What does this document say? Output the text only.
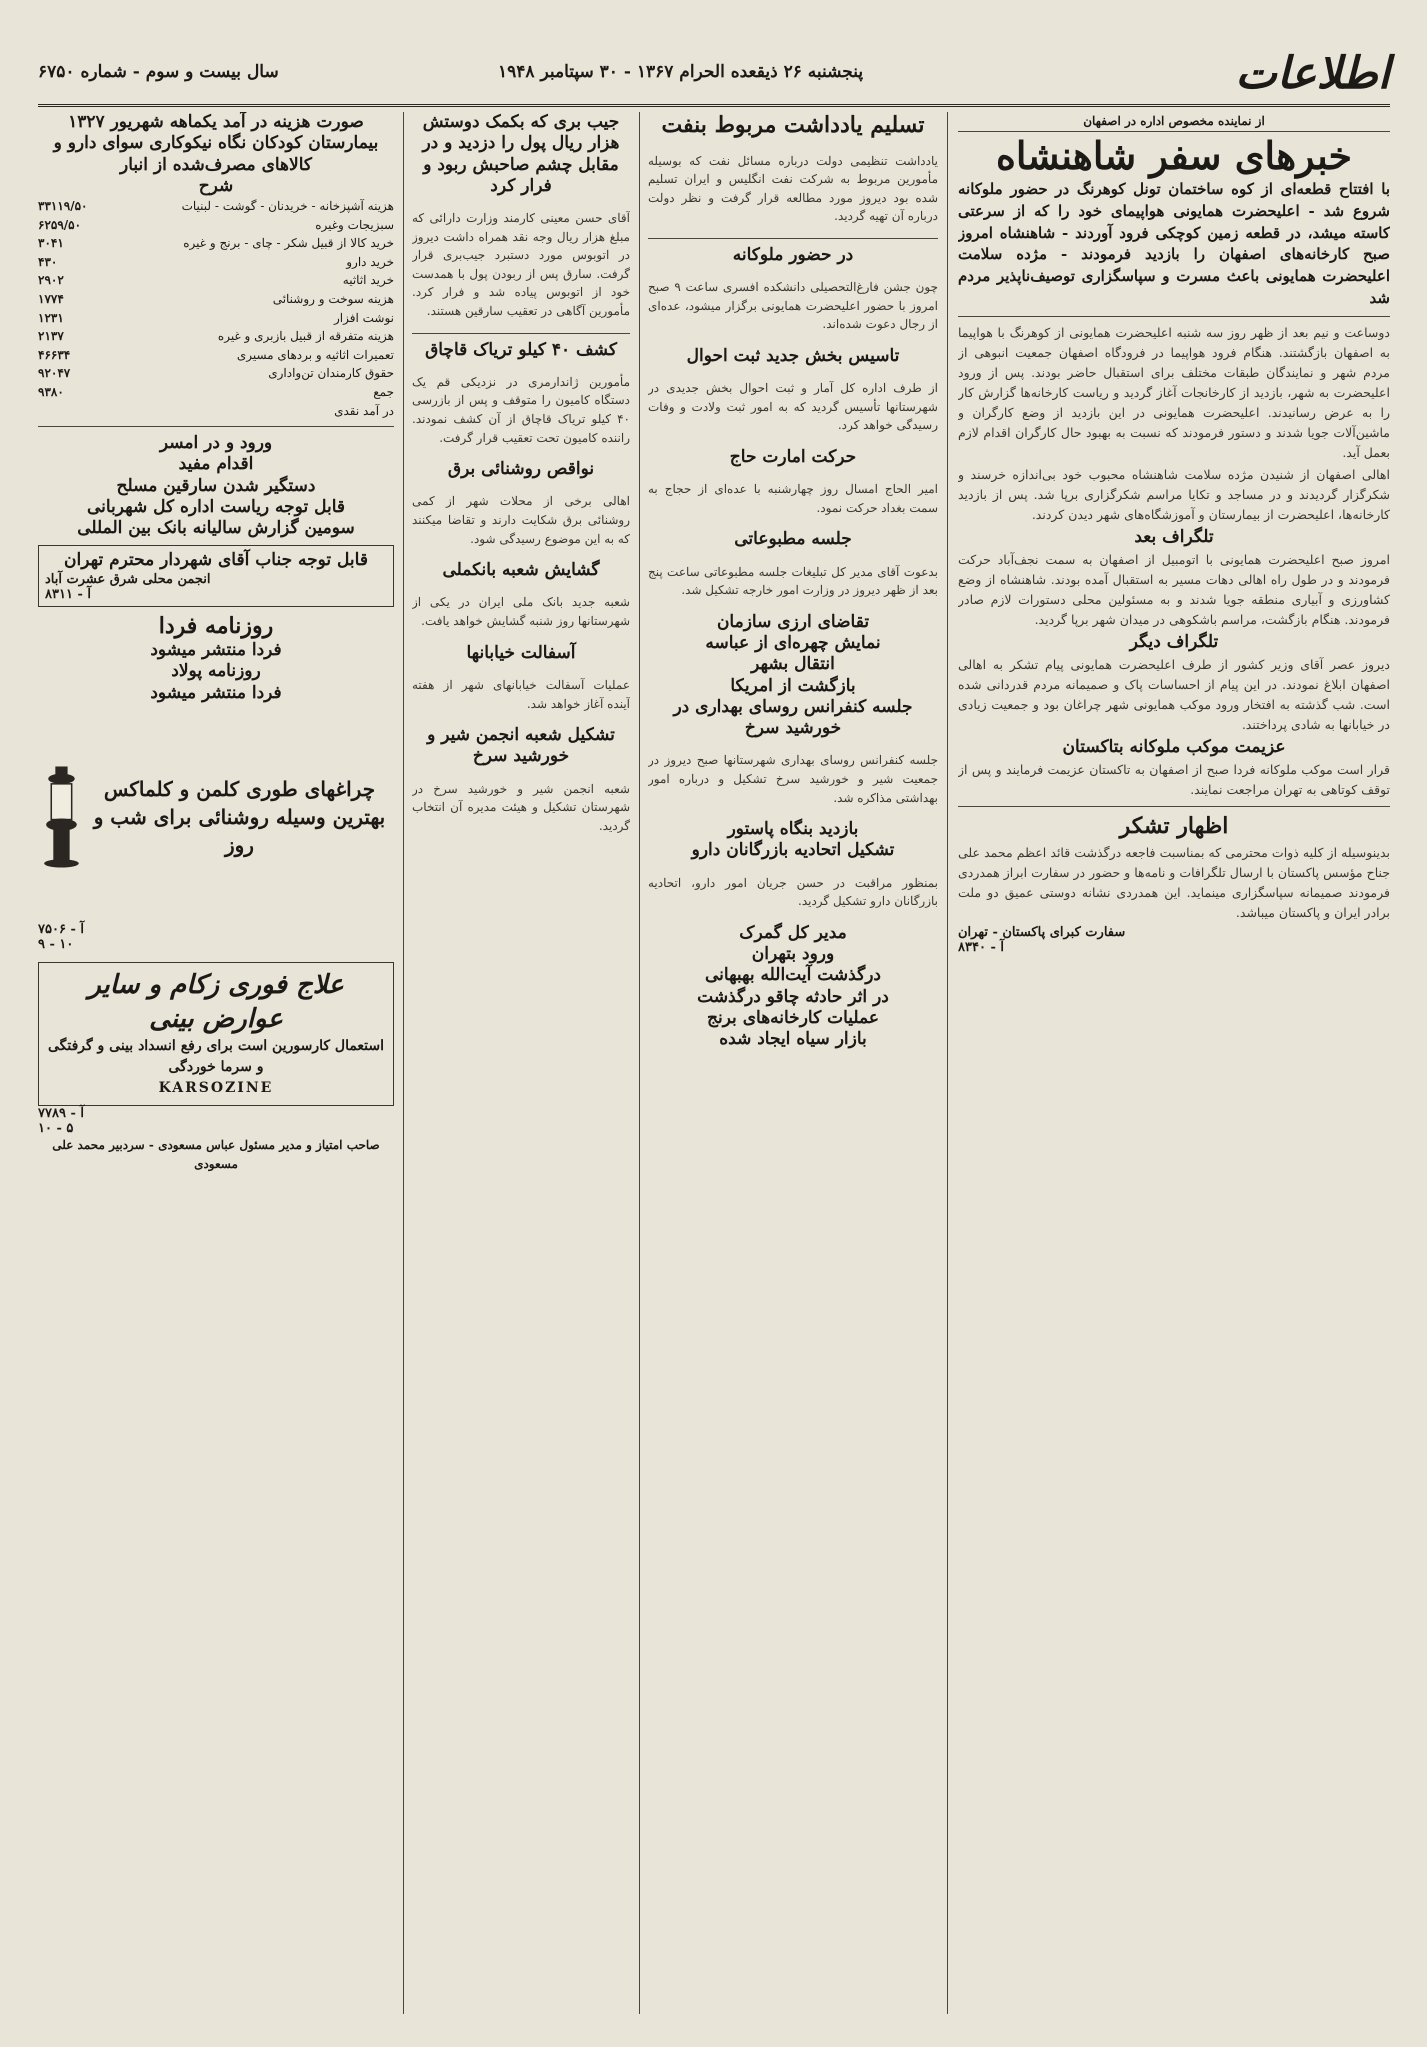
اطلاعات
پنجشنبه ۲۶ ذیقعده الحرام ۱۳۶۷ - ۳۰ سپتامبر ۱۹۴۸
سال بیست و سوم - شماره ۶۷۵۰
از نماینده مخصوص اداره در اصفهان
خبرهای سفر شاهنشاه
با افتتاح قطعه‌ای از کوه ساختمان تونل کوهرنگ در حضور ملوکانه شروع شد - اعلیحضرت همایونی هواپیمای خود را که از سرعتی کاسته میشد، در قطعه زمین کوچکی فرود آوردند - شاهنشاه امروز صبح کارخانه‌های اصفهان را بازدید فرمودند - مژده سلامت اعلیحضرت همایونی باعث مسرت و سپاسگزاری توصیف‌ناپذیر مردم شد

دوساعت و نیم بعد از ظهر روز سه شنبه اعلیحضرت همایونی از کوهرنگ با هواپیما به اصفهان بازگشتند. هنگام فرود هواپیما در فرودگاه اصفهان جمعیت انبوهی از مردم شهر و نمایندگان طبقات مختلف برای استقبال حاضر بودند. پس از ورود اعلیحضرت به شهر، بازدید از کارخانجات آغاز گردید و ریاست کارخانه‌ها گزارش کار را به عرض رسانیدند. اعلیحضرت همایونی در این بازدید از وضع کارگران و ماشین‌آلات جویا شدند و دستور فرمودند که نسبت به بهبود حال کارگران اقدام لازم بعمل آید.

اهالی اصفهان از شنیدن مژده سلامت شاهنشاه محبوب خود بی‌اندازه خرسند و شکرگزار گردیدند و در مساجد و تکایا مراسم شکرگزاری برپا شد. پس از بازدید کارخانه‌ها، اعلیحضرت از بیمارستان و آموزشگاه‌های شهر دیدن کردند.

تلگراف بعد

امروز صبح اعلیحضرت همایونی با اتومبیل از اصفهان به سمت نجف‌آباد حرکت فرمودند و در طول راه اهالی دهات مسیر به استقبال آمده بودند. شاهنشاه از وضع کشاورزی و آبیاری منطقه جویا شدند و به مسئولین محلی دستورات لازم صادر فرمودند. هنگام بازگشت، مراسم باشکوهی در میدان شهر برپا گردید.

تلگراف دیگر

دیروز عصر آقای وزیر کشور از طرف اعلیحضرت همایونی پیام تشکر به اهالی اصفهان ابلاغ نمودند. در این پیام از احساسات پاک و صمیمانه مردم قدردانی شده است. شب گذشته به افتخار ورود موکب همایونی شهر چراغان بود و جمعیت زیادی در خیابانها به شادی پرداختند.

عزیمت موکب ملوکانه بتاکستان

قرار است موکب ملوکانه فردا صبح از اصفهان به تاکستان عزیمت فرمایند و پس از توقف کوتاهی به تهران مراجعت نمایند.

اظهار تشکر

بدینوسیله از کلیه ذوات محترمی که بمناسبت فاجعه درگذشت قائد اعظم محمد علی جناح مؤسس پاکستان با ارسال تلگرافات و نامه‌ها و حضور در سفارت ابراز همدردی فرمودند صمیمانه سپاسگزاری مینماید. این همدردی نشانه دوستی عمیق دو ملت برادر ایران و پاکستان میباشد.

سفارت کبرای پاکستان - تهران
آ - ۸۳۴۰
تسلیم یادداشت مربوط بنفت

یادداشت تنظیمی دولت درباره مسائل نفت که بوسیله مأمورین مربوط به شرکت نفت انگلیس و ایران تسلیم شده بود دیروز مورد مطالعه قرار گرفت و نظر دولت درباره آن تهیه گردید.

در حضور ملوکانه

چون جشن فارغ‌التحصیلی دانشکده افسری ساعت ۹ صبح امروز با حضور اعلیحضرت همایونی برگزار میشود، عده‌ای از رجال دعوت شده‌اند.

تاسیس بخش جدید ثبت احوال

از طرف اداره کل آمار و ثبت احوال بخش جدیدی در شهرستانها تأسیس گردید که به امور ثبت ولادت و وفات رسیدگی خواهد کرد.

حرکت امارت حاج

امیر الحاج امسال روز چهارشنبه با عده‌ای از حجاج به سمت بغداد حرکت نمود.

جلسه مطبوعاتی

بدعوت آقای مدیر کل تبلیغات جلسه مطبوعاتی ساعت پنج بعد از ظهر دیروز در وزارت امور خارجه تشکیل شد.

تقاضای ارزی سازمان
نمایش چهره‌ای از عباسه
انتقال بشهر
بازگشت از امریکا
جلسه کنفرانس روسای بهداری در خورشید سرخ

جلسه کنفرانس روسای بهداری شهرستانها صبح دیروز در جمعیت شیر و خورشید سرخ تشکیل و درباره امور بهداشتی مذاکره شد.

بازدید بنگاه پاستور
تشکیل اتحادیه بازرگانان دارو

بمنظور مراقبت در حسن جریان امور دارو، اتحادیه بازرگانان دارو تشکیل گردید.

مدیر کل گمرک
ورود بتهران
درگذشت آیت‌الله بهبهانی
در اثر حادثه چاقو درگذشت
عملیات کارخانه‌های برنج
بازار سیاه ایجاد شده
جیب بری که بکمک دوستش هزار ریال پول را دزدید و در مقابل چشم صاحبش ربود و فرار کرد

آقای حسن معینی کارمند وزارت دارائی که مبلغ هزار ریال وجه نقد همراه داشت دیروز در اتوبوس مورد دستبرد جیب‌بری قرار گرفت. سارق پس از ربودن پول با همدست خود از اتوبوس پیاده شد و فرار کرد. مأمورین آگاهی در تعقیب سارقین هستند.

کشف ۴۰ کیلو تریاک قاچاق

مأمورین ژاندارمری در نزدیکی قم یک دستگاه کامیون را متوقف و پس از بازرسی ۴۰ کیلو تریاک قاچاق از آن کشف نمودند. راننده کامیون تحت تعقیب قرار گرفت.

نواقص روشنائی برق

اهالی برخی از محلات شهر از کمی روشنائی برق شکایت دارند و تقاضا میکنند که به این موضوع رسیدگی شود.

گشایش شعبه بانکملی

شعبه جدید بانک ملی ایران در یکی از شهرستانها روز شنبه گشایش خواهد یافت.

آسفالت خیابانها

عملیات آسفالت خیابانهای شهر از هفته آینده آغاز خواهد شد.

تشکیل شعبه انجمن شیر و خورشید سرخ

شعبه انجمن شیر و خورشید سرخ در شهرستان تشکیل و هیئت مدیره آن انتخاب گردید.

صورت هزینه در آمد یکماهه شهریور ۱۳۲۷ بیمارستان کودکان نگاه نیکوکاری سوای دارو و کالاهای مصرف‌شده از انبار
شرح
هزینه آشپزخانه - خریدنان - گوشت - لبنیات
۳۳۱۱۹/۵۰
سبزیجات وغیره
۶۲۵۹/۵۰
خرید کالا از قبیل شکر - چای - برنج و غیره
۳۰۴۱
خرید دارو
۴۳۰
خرید اثاثیه
۲۹۰۲
هزینه سوخت و روشنائی
۱۷۷۴
نوشت افزار
۱۲۳۱
هزینه متفرقه از قبیل بازبری و غیره
۲۱۳۷
تعمیرات اثاثیه و بردهای مسیری
۴۶۶۳۴
حقوق کارمندان تن‌واداری
۹۲۰۴۷
جمع
۹۳۸۰
در آمد نقدی
ورود و در امسر
اقدام مفید
دستگیر شدن سارقین مسلح
قابل توجه ریاست اداره کل شهربانی
سومین گزارش سالیانه بانک بین المللی
قابل توجه جناب آقای شهردار محترم تهران
انجمن محلی شرق عشرت آباد
آ - ۸۳۱۱
روزنامه فردا
فردا منتشر میشود
روزنامه پولاد
فردا منتشر میشود
چراغهای طوری کلمن و کلماکس بهترین وسیله روشنائی برای شب و روز
آ - ۷۵۰۶
۹ - ۱۰
علاج فوری زکام و سایر عوارض بینی
استعمال کارسورین است برای رفع انسداد بینی و گرفتگی و سرما خوردگی
KARSOZINE
آ - ۷۷۸۹
۱۰ - ۵
صاحب امتیاز و مدیر مسئول عباس مسعودی - سردبیر محمد علی مسعودی
